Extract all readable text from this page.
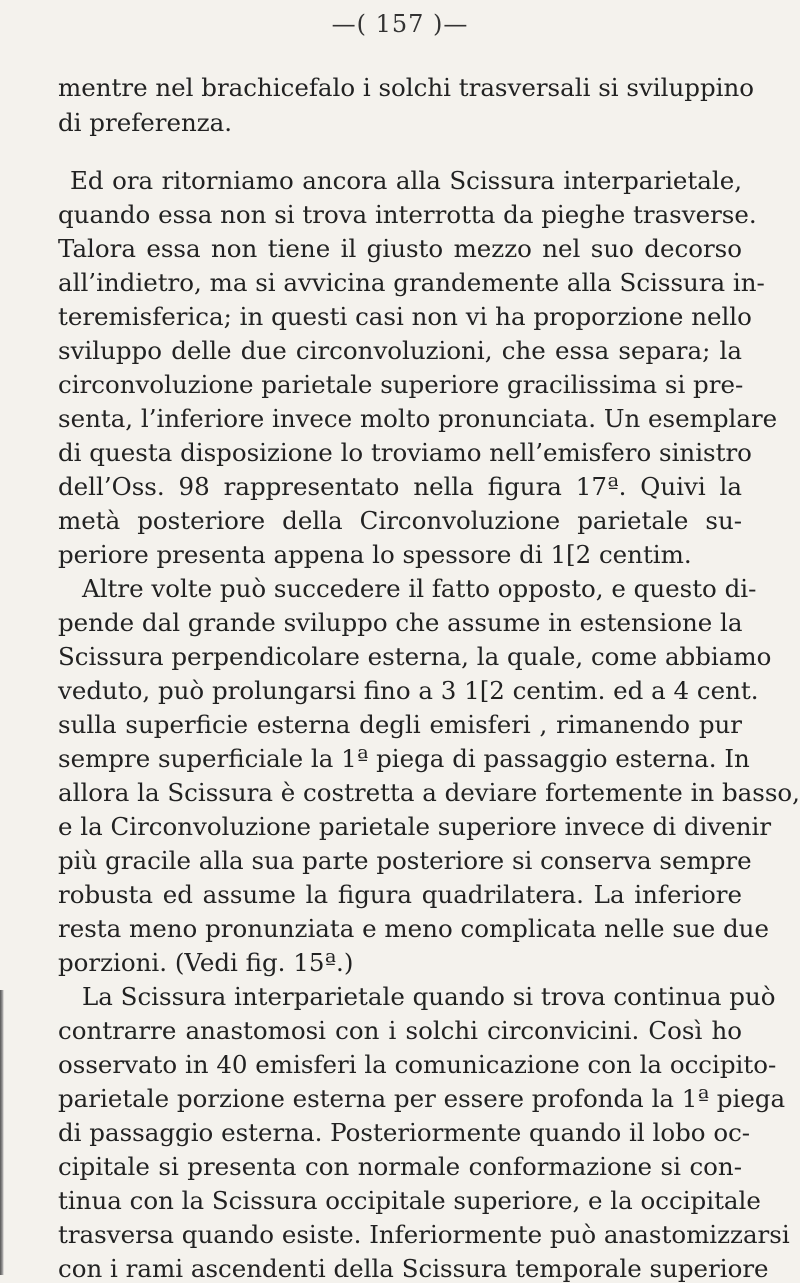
—( 157 )—
mentre nel brachicefalo i solchi trasversali si sviluppino
di preferenza.
Ed ora ritorniamo ancora alla Scissura interparietale,
quando essa non si trova interrotta da pieghe trasverse.
Talora essa non tiene il giusto mezzo nel suo decorso
all’indietro, ma si avvicina grandemente alla Scissura in-
teremisferica; in questi casi non vi ha proporzione nello
sviluppo delle due circonvoluzioni, che essa separa; la
circonvoluzione parietale superiore gracilissima si pre-
senta, l’inferiore invece molto pronunciata. Un esemplare
di questa disposizione lo troviamo nell’emisfero sinistro
dell’Oss. 98 rappresentato nella figura 17ª. Quivi la
metà posteriore della Circonvoluzione parietale su-
periore presenta appena lo spessore di 1[2 centim.
Altre volte può succedere il fatto opposto, e questo di-
pende dal grande sviluppo che assume in estensione la
Scissura perpendicolare esterna, la quale, come abbiamo
veduto, può prolungarsi fino a 3 1[2 centim. ed a 4 cent.
sulla superficie esterna degli emisferi , rimanendo pur
sempre superficiale la 1ª piega di passaggio esterna. In
allora la Scissura è costretta a deviare fortemente in basso,
e la Circonvoluzione parietale superiore invece di divenir
più gracile alla sua parte posteriore si conserva sempre
robusta ed assume la figura quadrilatera. La inferiore
resta meno pronunziata e meno complicata nelle sue due
porzioni. (Vedi fig. 15ª.)
La Scissura interparietale quando si trova continua può
contrarre anastomosi con i solchi circonvicini. Così ho
osservato in 40 emisferi la comunicazione con la occipito-
parietale porzione esterna per essere profonda la 1ª piega
di passaggio esterna. Posteriormente quando il lobo oc-
cipitale si presenta con normale conformazione si con-
tinua con la Scissura occipitale superiore, e la occipitale
trasversa quando esiste. Inferiormente può anastomizzarsi
con i rami ascendenti della Scissura temporale superiore
